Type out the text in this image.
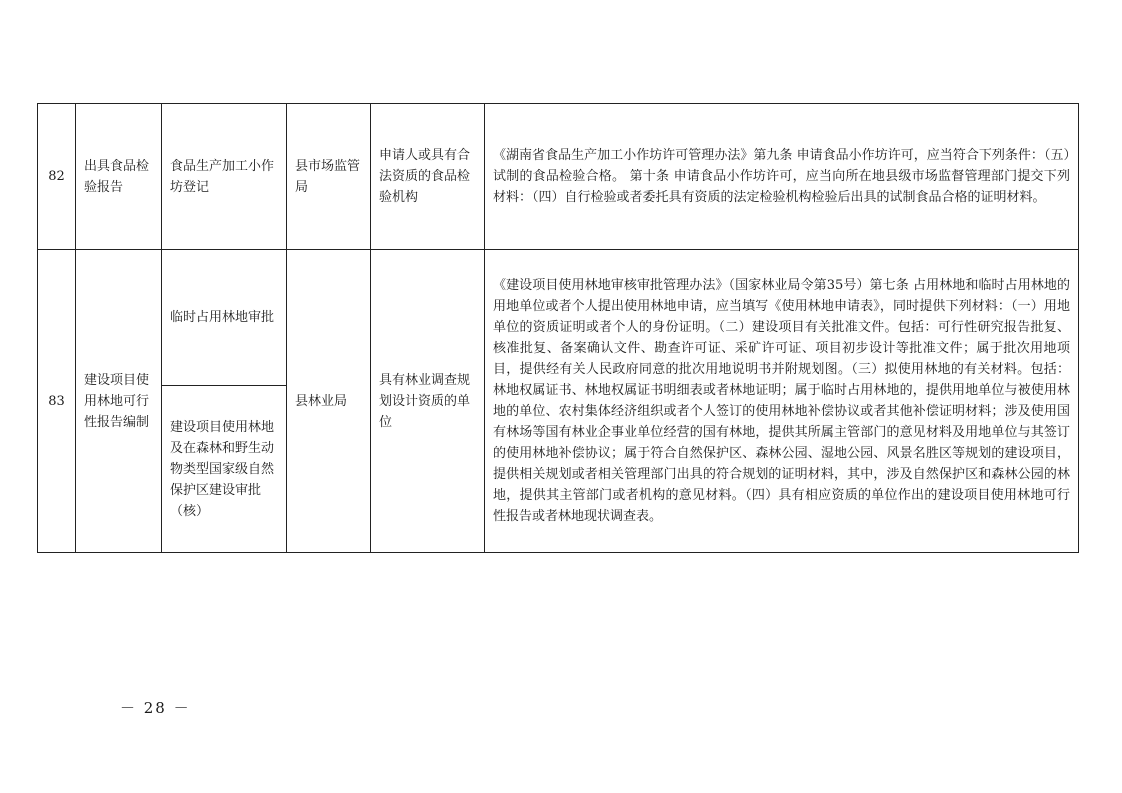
82	出具食品检验报告	食品生产加工小作坊登记	县市场监管局	申请人或具有合法资质的食品检验机构	《湖南省食品生产加工小作坊许可管理办法》第九条 申请食品小作坊许可，应当符合下列条件：（五）试制的食品检验合格。 第十条 申请食品小作坊许可，应当向所在地县级市场监督管理部门提交下列材料：（四）自行检验或者委托具有资质的法定检验机构检验后出具的试制食品合格的证明材料。
83	建设项目使用林地可行性报告编制	临时占用林地审批	县林业局	具有林业调查规划设计资质的单位	《建设项目使用林地审核审批管理办法》（国家林业局令第35号）第七条 占用林地和临时占用林地的用地单位或者个人提出使用林地申请，应当填写《使用林地申请表》，同时提供下列材料：（一）用地单位的资质证明或者个人的身份证明。（二）建设项目有关批准文件。包括：可行性研究报告批复、核准批复、备案确认文件、勘查许可证、采矿许可证、项目初步设计等批准文件；属于批次用地项目，提供经有关人民政府同意的批次用地说明书并附规划图。（三）拟使用林地的有关材料。包括：林地权属证书、林地权属证书明细表或者林地证明；属于临时占用林地的，提供用地单位与被使用林地的单位、农村集体经济组织或者个人签订的使用林地补偿协议或者其他补偿证明材料；涉及使用国有林场等国有林业企事业单位经营的国有林地，提供其所属主管部门的意见材料及用地单位与其签订的使用林地补偿协议；属于符合自然保护区、森林公园、湿地公园、风景名胜区等规划的建设项目，提供相关规划或者相关管理部门出具的符合规划的证明材料，其中，涉及自然保护区和森林公园的林地，提供其主管部门或者机构的意见材料。（四）具有相应资质的单位作出的建设项目使用林地可行性报告或者林地现状调查表。
		建设项目使用林地及在森林和野生动物类型国家级自然保护区建设审批（核）			
－ 28 －
